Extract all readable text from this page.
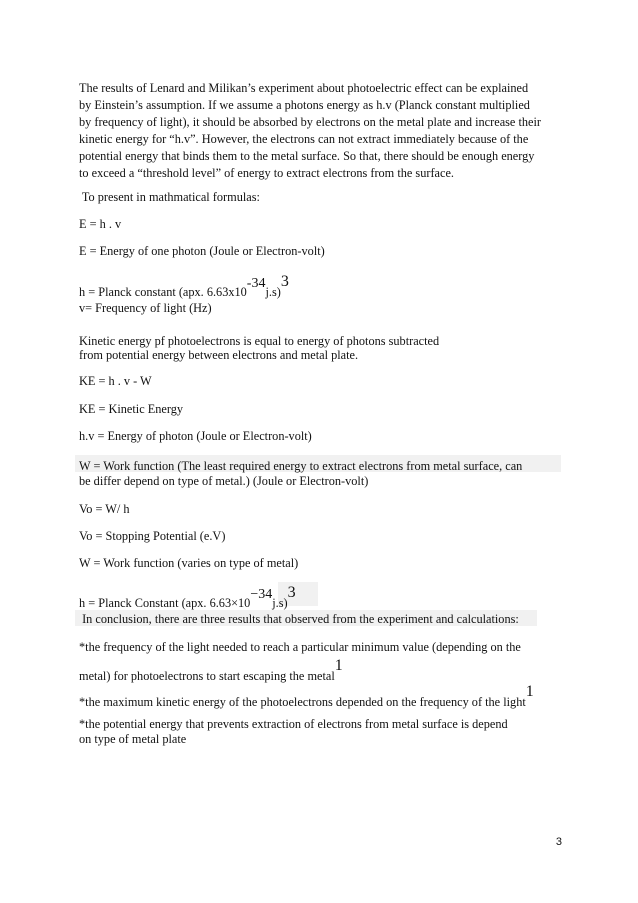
The results of Lenard and Milikan’s experiment about photoelectric effect can be explained
by Einstein’s assumption. If we assume a photons energy as h.v (Planck constant multiplied
by frequency of light), it should be absorbed by electrons on the metal plate and increase their
kinetic energy for “h.v”. However, the electrons can not extract immediately because of the
potential energy that binds them to the metal surface. So that, there should be enough energy
to exceed a “threshold level” of energy to extract electrons from the surface.
To present in mathmatical formulas:
E = h . v
E = Energy of one photon (Joule or Electron-volt)
h = Planck constant (apx. $6.63x10^{-34}j.s)^3$
v= Frequency of light (Hz)
Kinetic energy pf photoelectrons is equal to energy of photons subtracted
from potential energy between electrons and metal plate.
KE = h . v - W
KE = Kinetic Energy
h.v = Energy of photon (Joule or Electron-volt)
W = Work function (The least required energy to extract electrons from metal surface, can
be differ depend on type of metal.) (Joule or Electron-volt)
Vo = W/ h
Vo = Stopping Potential (e.V)
W = Work function (varies on type of metal)
h = Planck Constant (apx. $6.63\times 10^{-34}j.s)^3$
In conclusion, there are three results that observed from the experiment and calculations:
*the frequency of the light needed to reach a particular minimum value (depending on the
metal) for photoelectrons to start escaping the metal$^1$
*the maximum kinetic energy of the photoelectrons depended on the frequency of the light$^1$
*the potential energy that prevents extraction of electrons from metal surface is depend
on type of metal plate
3
